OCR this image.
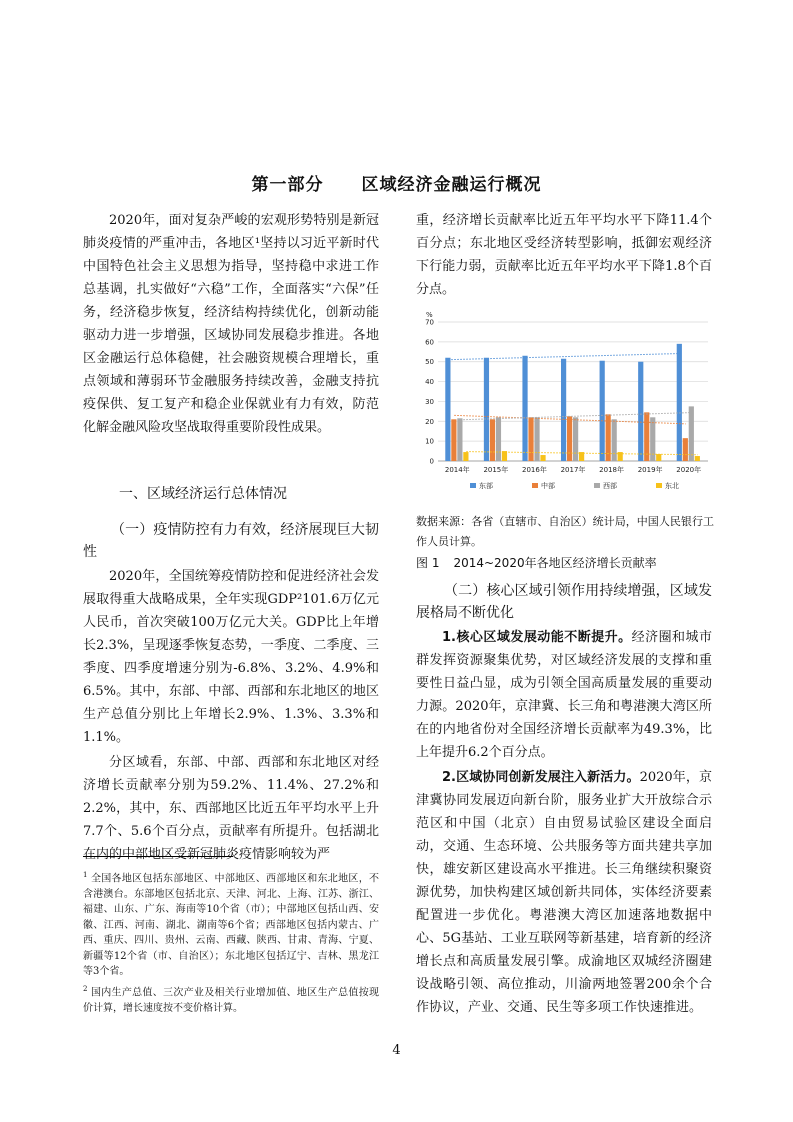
第一部分 区域经济金融运行概况

2020年，面对复杂严峻的宏观形势特别是新冠肺炎疫情的严重冲击，各地区¹坚持以习近平新时代中国特色社会主义思想为指导，坚持稳中求进工作总基调，扎实做好“六稳”工作，全面落实“六保”任务，经济稳步恢复，经济结构持续优化，创新动能驱动力进一步增强，区域协同发展稳步推进。各地区金融运行总体稳健，社会融资规模合理增长，重点领域和薄弱环节金融服务持续改善，金融支持抗疫保供、复工复产和稳企业保就业有力有效，防范化解金融风险攻坚战取得重要阶段性成果。

一、区域经济运行总体情况
（一）疫情防控有力有效，经济展现巨大韧性

2020年，全国统筹疫情防控和促进经济社会发展取得重大战略成果，全年实现GDP²101.6万亿元人民币，首次突破100万亿元大关。GDP比上年增长2.3%，呈现逐季恢复态势，一季度、二季度、三季度、四季度增速分别为-6.8%、3.2%、4.9%和6.5%。其中，东部、中部、西部和东北地区的地区生产总值分别比上年增长2.9%、1.3%、3.3%和1.1%。

分区域看，东部、中部、西部和东北地区对经济增长贡献率分别为59.2%、11.4%、27.2%和2.2%，其中，东、西部地区比近五年平均水平上升7.7个、5.6个百分点，贡献率有所提升。包括湖北在内的中部地区受新冠肺炎疫情影响较为严

$^1$ 全国各地区包括东部地区、中部地区、西部地区和东北地区，不含港澳台。东部地区包括北京、天津、河北、上海、江苏、浙江、福建、山东、广东、海南等10个省（市）；中部地区包括山西、安徽、江西、河南、湖北、湖南等6个省；西部地区包括内蒙古、广西、重庆、四川、贵州、云南、西藏、陕西、甘肃、青海、宁夏、新疆等12个省（市、自治区）；东北地区包括辽宁、吉林、黑龙江等3个省。

$^2$ 国内生产总值、三次产业及相关行业增加值、地区生产总值按现价计算，增长速度按不变价格计算。

重，经济增长贡献率比近五年平均水平下降11.4个百分点；东北地区受经济转型影响，抵御宏观经济下行能力弱，贡献率比近五年平均水平下降1.8个百分点。

%
0
10
20
30
40
50
60
70
2014年 2015年 2016年 2017年 2018年 2019年 2020年
东部	中部	西部	东北
数据来源：各省（直辖市、自治区）统计局，中国人民银行工作人员计算。
图 1 2014~2020年各地区经济增长贡献率
（二）核心区域引领作用持续增强，区域发展格局不断优化

1.核心区域发展动能不断提升。经济圈和城市群发挥资源聚集优势，对区域经济发展的支撑和重要性日益凸显，成为引领全国高质量发展的重要动力源。2020年，京津冀、长三角和粤港澳大湾区所在的内地省份对全国经济增长贡献率为49.3%，比上年提升6.2个百分点。

2.区域协同创新发展注入新活力。2020年，京津冀协同发展迈向新台阶，服务业扩大开放综合示范区和中国（北京）自由贸易试验区建设全面启动，交通、生态环境、公共服务等方面共建共享加快，雄安新区建设高水平推进。长三角继续积聚资源优势，加快构建区域创新共同体，实体经济要素配置进一步优化。粤港澳大湾区加速落地数据中心、5G基站、工业互联网等新基建，培育新的经济增长点和高质量发展引擎。成渝地区双城经济圈建设战略引领、高位推动，川渝两地签署200余个合作协议，产业、交通、民生等多项工作快速推进。

4
